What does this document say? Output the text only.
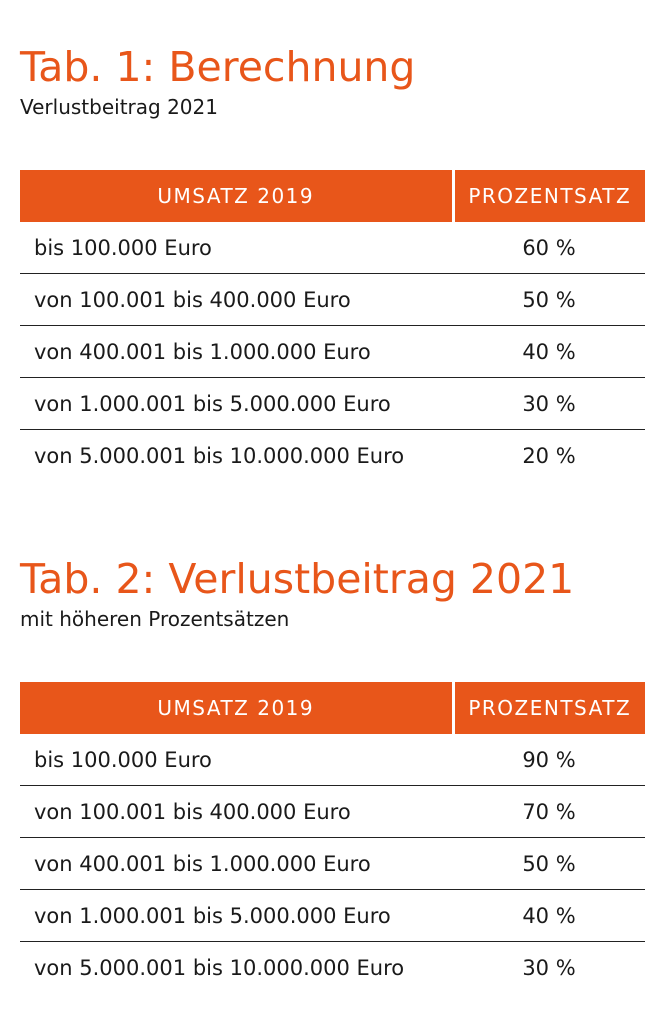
Tab. 1: Berechnung
Verlustbeitrag 2021
UMSATZ 2019	PROZENTSATZ
bis 100.000 Euro	60 %
von 100.001 bis 400.000 Euro	50 %
von 400.001 bis 1.000.000 Euro	40 %
von 1.000.001 bis 5.000.000 Euro	30 %
von 5.000.001 bis 10.000.000 Euro	20 %
Tab. 2: Verlustbeitrag 2021
mit höheren Prozentsätzen
UMSATZ 2019	PROZENTSATZ
bis 100.000 Euro	90 %
von 100.001 bis 400.000 Euro	70 %
von 400.001 bis 1.000.000 Euro	50 %
von 1.000.001 bis 5.000.000 Euro	40 %
von 5.000.001 bis 10.000.000 Euro	30 %
